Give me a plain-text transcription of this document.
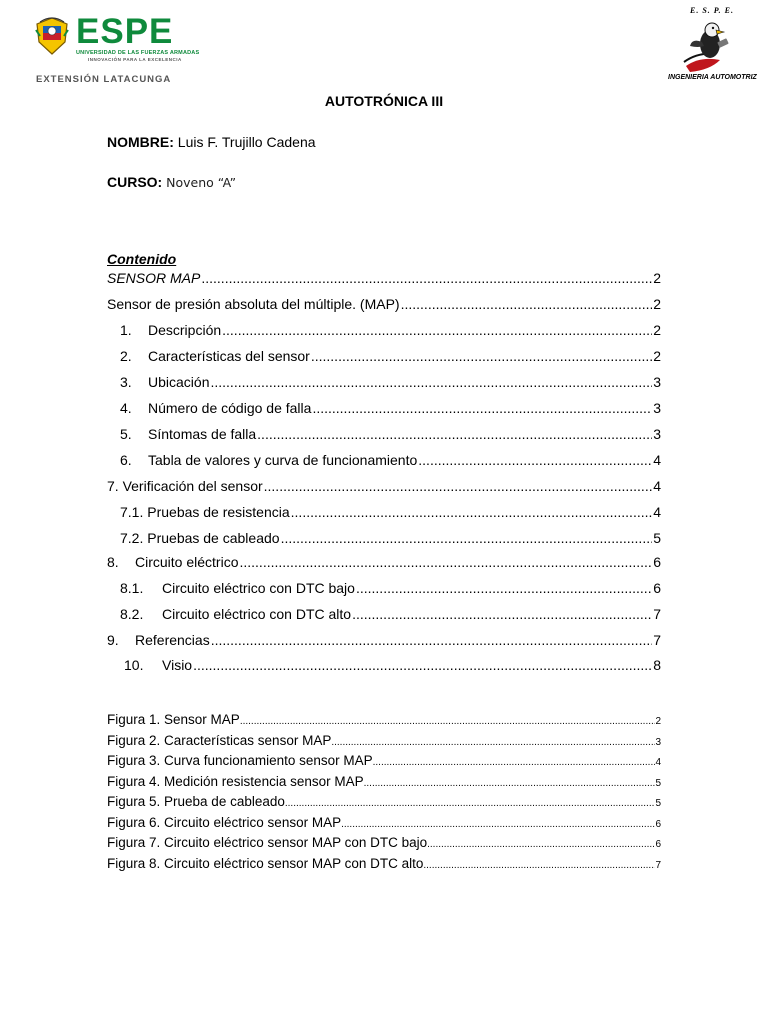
ESPE
UNIVERSIDAD DE LAS FUERZAS ARMADAS
INNOVACIÓN PARA LA EXCELENCIA
EXTENSIÓN LATACUNGA
E. S. P. E.
INGENIERIA AUTOMOTRIZ
AUTOTRÓNICA III
NOMBRE: Luis F. Trujillo Cadena
CURSO: Noveno “A”
Contenido
SENSOR MAP .....	2
Sensor de presión absoluta del múltiple. (MAP) .....	2
1.	Descripción .....	2
2.	Características del sensor .....	2
3.	Ubicación .....	3
4.	Número de código de falla .....	3
5.	Síntomas de falla .....	3
6.	Tabla de valores y curva de funcionamiento .....	4
7. Verificación del sensor .....	4
7.1. Pruebas de resistencia .....	4
7.2. Pruebas de cableado .....	5
8.	Circuito eléctrico .....	6
8.1.	Circuito eléctrico con DTC bajo .....	6
8.2.	Circuito eléctrico con DTC alto .....	7
9.	Referencias .....	7
10.	Visio .....	8
Figura 1. Sensor MAP .....	2
Figura 2. Características sensor MAP .....	3
Figura 3. Curva funcionamiento sensor MAP .....	4
Figura 4. Medición resistencia sensor MAP .....	5
Figura 5. Prueba de cableado .....	5
Figura 6. Circuito eléctrico sensor MAP .....	6
Figura 7. Circuito eléctrico sensor MAP con DTC bajo .....	6
Figura 8. Circuito eléctrico sensor MAP con DTC alto .....	7
